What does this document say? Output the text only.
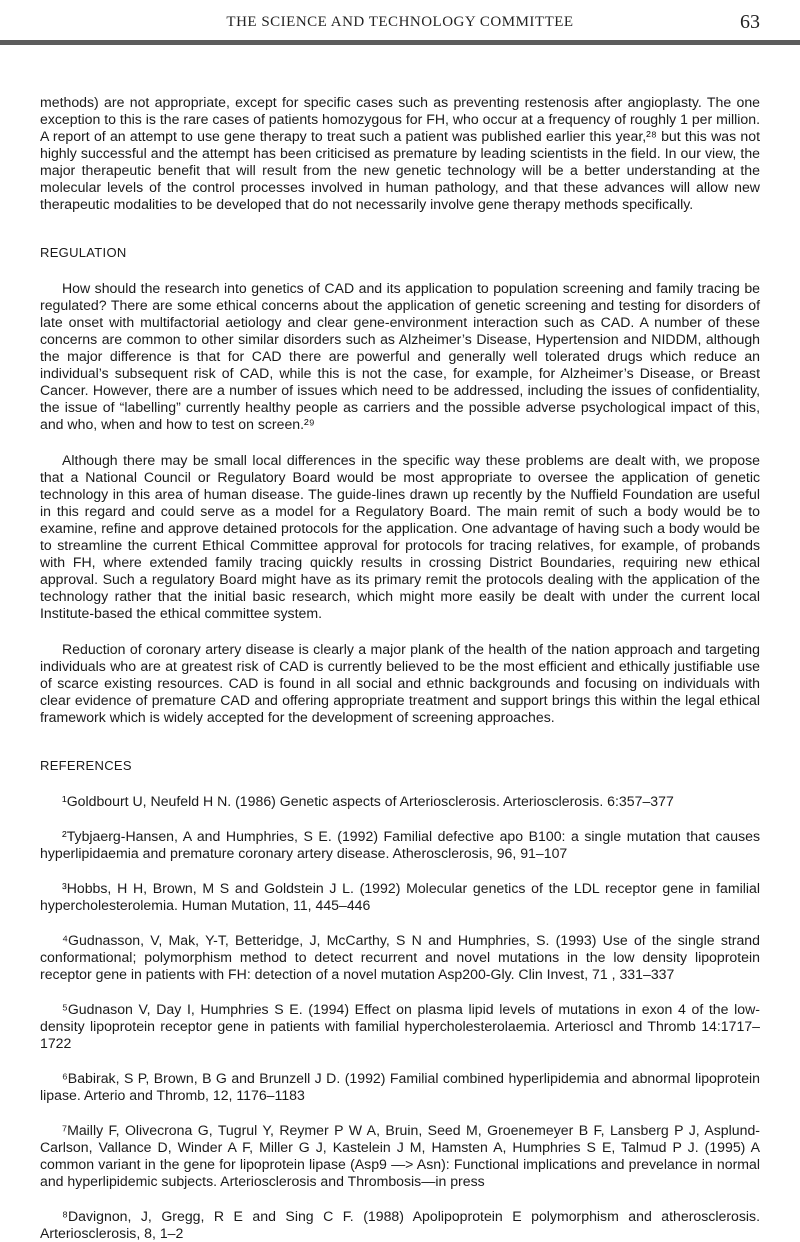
THE SCIENCE AND TECHNOLOGY COMMITTEE	63

methods) are not appropriate, except for specific cases such as preventing restenosis after angioplasty. The one exception to this is the rare cases of patients homozygous for FH, who occur at a frequency of roughly 1 per million. A report of an attempt to use gene therapy to treat such a patient was published earlier this year,²⁸ but this was not highly successful and the attempt has been criticised as premature by leading scientists in the field. In our view, the major therapeutic benefit that will result from the new genetic technology will be a better understanding at the molecular levels of the control processes involved in human pathology, and that these advances will allow new therapeutic modalities to be developed that do not necessarily involve gene therapy methods specifically.

REGULATION

How should the research into genetics of CAD and its application to population screening and family tracing be regulated? There are some ethical concerns about the application of genetic screening and testing for disorders of late onset with multifactorial aetiology and clear gene-environment interaction such as CAD. A number of these concerns are common to other similar disorders such as Alzheimer’s Disease, Hypertension and NIDDM, although the major difference is that for CAD there are powerful and generally well tolerated drugs which reduce an individual’s subsequent risk of CAD, while this is not the case, for example, for Alzheimer’s Disease, or Breast Cancer. However, there are a number of issues which need to be addressed, including the issues of confidentiality, the issue of “labelling” currently healthy people as carriers and the possible adverse psychological impact of this, and who, when and how to test on screen.²⁹

Although there may be small local differences in the specific way these problems are dealt with, we propose that a National Council or Regulatory Board would be most appropriate to oversee the application of genetic technology in this area of human disease. The guide-lines drawn up recently by the Nuffield Foundation are useful in this regard and could serve as a model for a Regulatory Board. The main remit of such a body would be to examine, refine and approve detained protocols for the application. One advantage of having such a body would be to streamline the current Ethical Committee approval for protocols for tracing relatives, for example, of probands with FH, where extended family tracing quickly results in crossing District Boundaries, requiring new ethical approval. Such a regulatory Board might have as its primary remit the protocols dealing with the application of the technology rather that the initial basic research, which might more easily be dealt with under the current local Institute-based the ethical committee system.

Reduction of coronary artery disease is clearly a major plank of the health of the nation approach and targeting individuals who are at greatest risk of CAD is currently believed to be the most efficient and ethically justifiable use of scarce existing resources. CAD is found in all social and ethnic backgrounds and focusing on individuals with clear evidence of premature CAD and offering appropriate treatment and support brings this within the legal ethical framework which is widely accepted for the development of screening approaches.

REFERENCES

¹Goldbourt U, Neufeld H N. (1986) Genetic aspects of Arteriosclerosis. Arteriosclerosis. 6:357–377

²Tybjaerg-Hansen, A and Humphries, S E. (1992) Familial defective apo B100: a single mutation that causes hyperlipidaemia and premature coronary artery disease. Atherosclerosis, 96, 91–107

³Hobbs, H H, Brown, M S and Goldstein J L. (1992) Molecular genetics of the LDL receptor gene in familial hypercholesterolemia. Human Mutation, 11, 445–446

⁴Gudnasson, V, Mak, Y-T, Betteridge, J, McCarthy, S N and Humphries, S. (1993) Use of the single strand conformational; polymorphism method to detect recurrent and novel mutations in the low density lipoprotein receptor gene in patients with FH: detection of a novel mutation Asp200-Gly. Clin Invest, 71 , 331–337

⁵Gudnason V, Day I, Humphries S E. (1994) Effect on plasma lipid levels of mutations in exon 4 of the low-density lipoprotein receptor gene in patients with familial hypercholesterolaemia. Arterioscl and Thromb 14:1717–1722

⁶Babirak, S P, Brown, B G and Brunzell J D. (1992) Familial combined hyperlipidemia and abnormal lipoprotein lipase. Arterio and Thromb, 12, 1176–1183

⁷Mailly F, Olivecrona G, Tugrul Y, Reymer P W A, Bruin, Seed M, Groenemeyer B F, Lansberg P J, Asplund-Carlson, Vallance D, Winder A F, Miller G J, Kastelein J M, Hamsten A, Humphries S E, Talmud P J. (1995) A common variant in the gene for lipoprotein lipase (Asp9 —> Asn): Functional implications and prevelance in normal and hyperlipidemic subjects. Arteriosclerosis and Thrombosis—in press

⁸Davignon, J, Gregg, R E and Sing C F. (1988) Apolipoprotein E polymorphism and atherosclerosis. Arteriosclerosis, 8, 1–2
